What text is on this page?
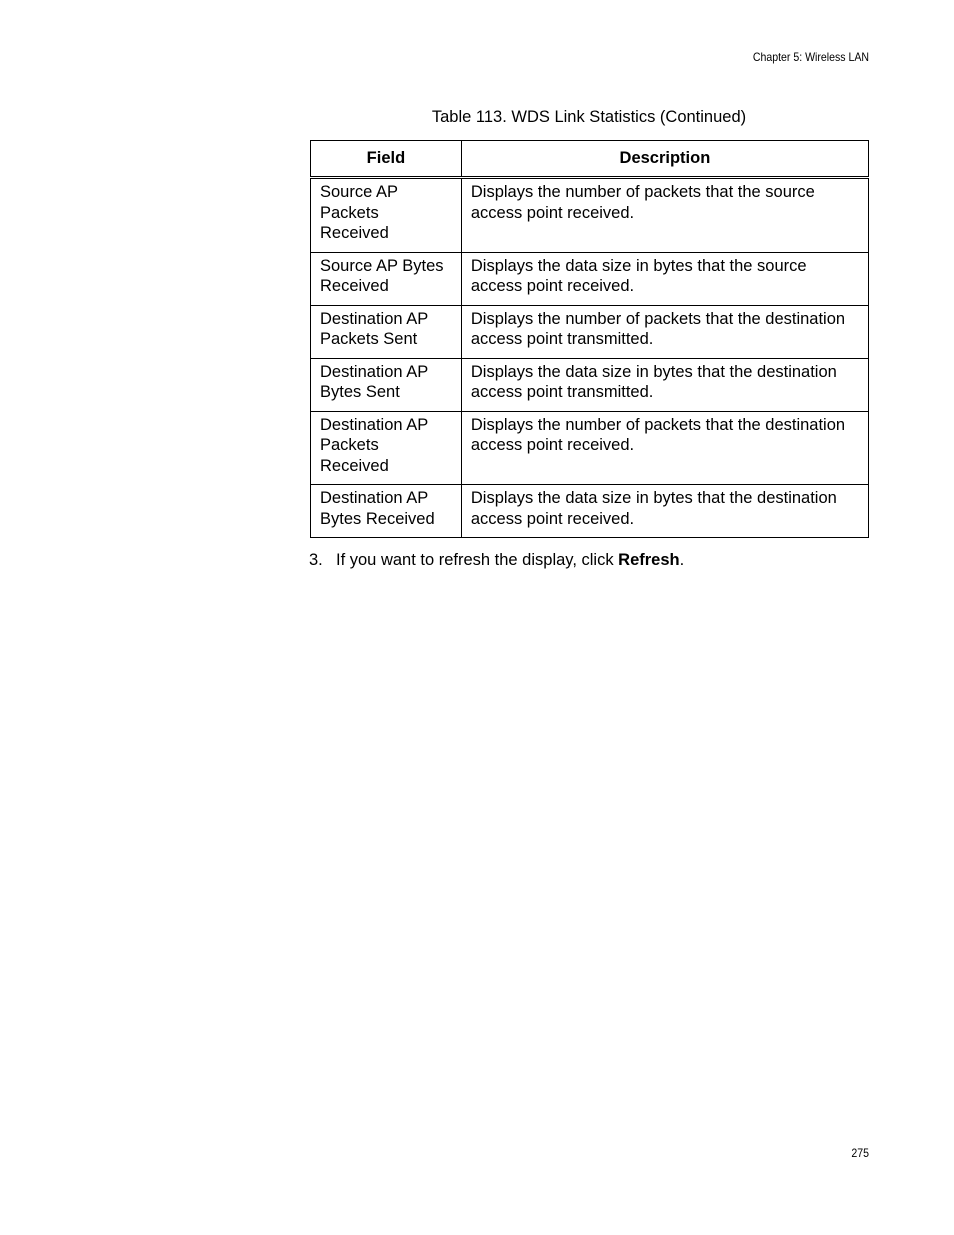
Chapter 5: Wireless LAN
Table 113. WDS Link Statistics (Continued)
Field	Description
Source AP Packets Received	Displays the number of packets that the source access point received.
Source AP Bytes Received	Displays the data size in bytes that the source access point received.
Destination AP Packets Sent	Displays the number of packets that the destination access point transmitted.
Destination AP Bytes Sent	Displays the data size in bytes that the destination access point transmitted.
Destination AP Packets Received	Displays the number of packets that the destination access point received.
Destination AP Bytes Received	Displays the data size in bytes that the destination access point received.
3. If you want to refresh the display, click Refresh.
275
